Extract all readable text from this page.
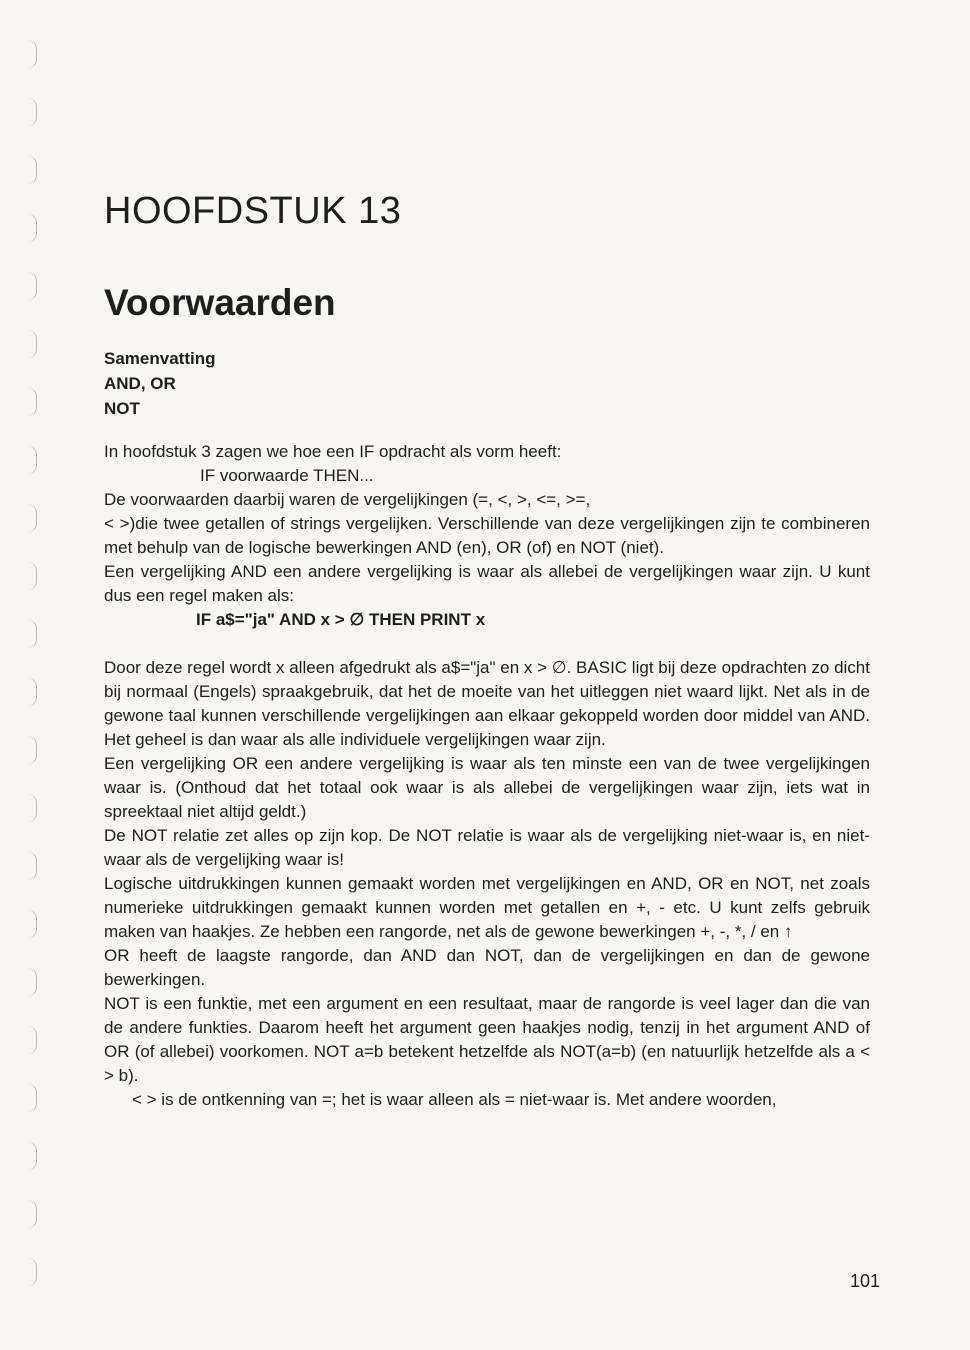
HOOFDSTUK 13
Voorwaarden
Samenvatting
AND, OR
NOT

In hoofdstuk 3 zagen we hoe een IF opdracht als vorm heeft:

IF voorwaarde THEN...

De voorwaarden daarbij waren de vergelijkingen (=, <, >, <=, >=,

< >)die twee getallen of strings vergelijken. Verschillende van deze vergelijkingen zijn te combineren met behulp van de logische bewerkingen AND (en), OR (of) en NOT (niet).

Een vergelijking AND een andere vergelijking is waar als allebei de vergelijkingen waar zijn. U kunt dus een regel maken als:

IF a$="ja" AND x > ∅ THEN PRINT x

Door deze regel wordt x alleen afgedrukt als a$="ja" en x > ∅. BASIC ligt bij deze opdrachten zo dicht bij normaal (Engels) spraakgebruik, dat het de moeite van het uitleggen niet waard lijkt. Net als in de gewone taal kunnen verschillende vergelijkingen aan elkaar gekoppeld worden door middel van AND. Het geheel is dan waar als alle individuele vergelijkingen waar zijn.

Een vergelijking OR een andere vergelijking is waar als ten minste een van de twee vergelijkingen waar is. (Onthoud dat het totaal ook waar is als allebei de vergelijkingen waar zijn, iets wat in spreektaal niet altijd geldt.)

De NOT relatie zet alles op zijn kop. De NOT relatie is waar als de vergelijking niet-waar is, en niet-waar als de vergelijking waar is!

Logische uitdrukkingen kunnen gemaakt worden met vergelijkingen en AND, OR en NOT, net zoals numerieke uitdrukkingen gemaakt kunnen worden met getallen en +, - etc. U kunt zelfs gebruik maken van haakjes. Ze hebben een rangorde, net als de gewone bewerkingen +, -, *, / en ↑

OR heeft de laagste rangorde, dan AND dan NOT, dan de vergelijkingen en dan de gewone bewerkingen.

NOT is een funktie, met een argument en een resultaat, maar de rangorde is veel lager dan die van de andere funkties. Daarom heeft het argument geen haakjes nodig, tenzij in het argument AND of OR (of allebei) voorkomen. NOT a=b betekent hetzelfde als NOT(a=b) (en natuurlijk hetzelfde als a < > b).

< > is de ontkenning van =; het is waar alleen als = niet-waar is. Met andere woorden,

101
